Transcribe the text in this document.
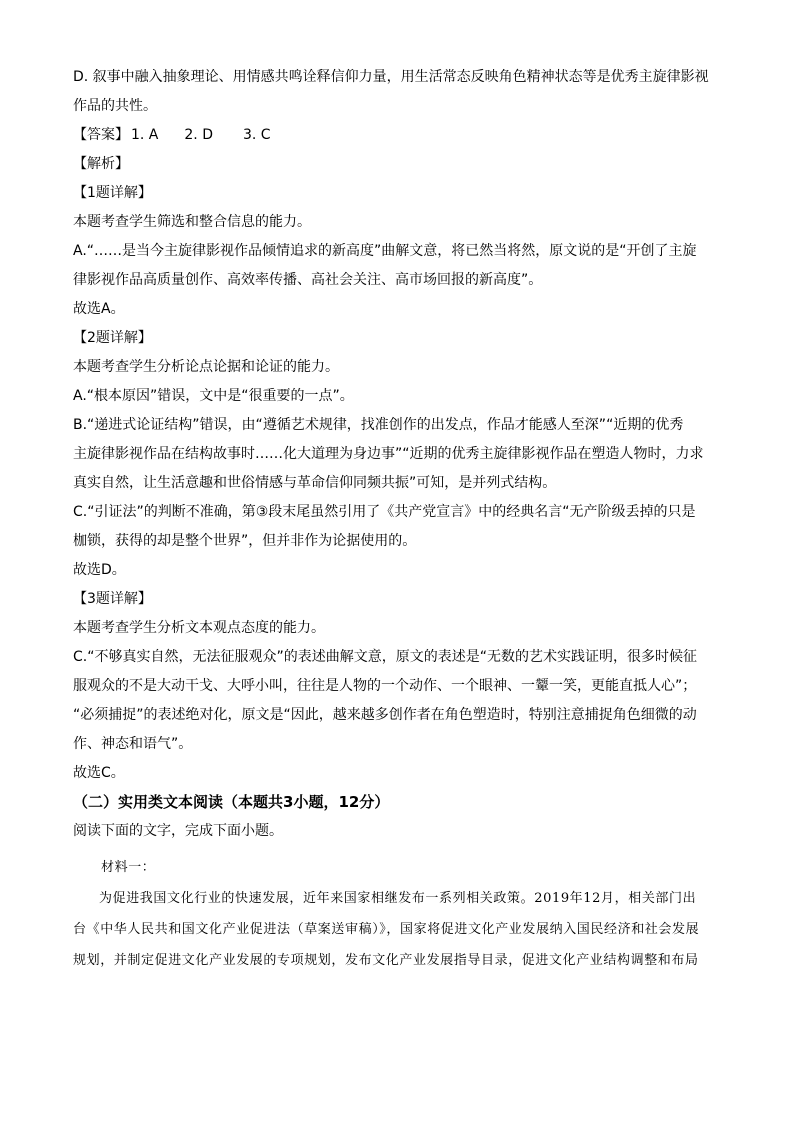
D. 叙事中融入抽象理论、用情感共鸣诠释信仰力量，用生活常态反映角色精神状态等是优秀主旋律影视

作品的共性。

【答案】 1. A 2. D 3. C

【解析】

【1题详解】

本题考查学生筛选和整合信息的能力。

A.“……是当今主旋律影视作品倾情追求的新高度”曲解文意，将已然当将然，原文说的是“开创了主旋

律影视作品高质量创作、高效率传播、高社会关注、高市场回报的新高度”。

故选A。

【2题详解】

本题考查学生分析论点论据和论证的能力。

A.“根本原因”错误，文中是“很重要的一点”。

B.“递进式论证结构”错误，由“遵循艺术规律，找准创作的出发点，作品才能感人至深”“近期的优秀

主旋律影视作品在结构故事时……化大道理为身边事”“近期的优秀主旋律影视作品在塑造人物时，力求

真实自然，让生活意趣和世俗情感与革命信仰同频共振”可知，是并列式结构。

C.“引证法”的判断不准确，第③段末尾虽然引用了《共产党宣言》中的经典名言“无产阶级丢掉的只是

枷锁，获得的却是整个世界”，但并非作为论据使用的。

故选D。

【3题详解】

本题考查学生分析文本观点态度的能力。

C.“不够真实自然，无法征服观众”的表述曲解文意，原文的表述是“无数的艺术实践证明，很多时候征

服观众的不是大动干戈、大呼小叫，往往是人物的一个动作、一个眼神、一颦一笑，更能直抵人心”；

“必须捕捉”的表述绝对化，原文是“因此，越来越多创作者在角色塑造时，特别注意捕捉角色细微的动

作、神态和语气”。

故选C。

（二）实用类文本阅读（本题共3小题，12分）

阅读下面的文字，完成下面小题。

材料一：

为促进我国文化行业的快速发展，近年来国家相继发布一系列相关政策。2019年12月，相关部门出

台《中华人民共和国文化产业促进法（草案送审稿）》，国家将促进文化产业发展纳入国民经济和社会发展

规划，并制定促进文化产业发展的专项规划，发布文化产业发展指导目录，促进文化产业结构调整和布局
